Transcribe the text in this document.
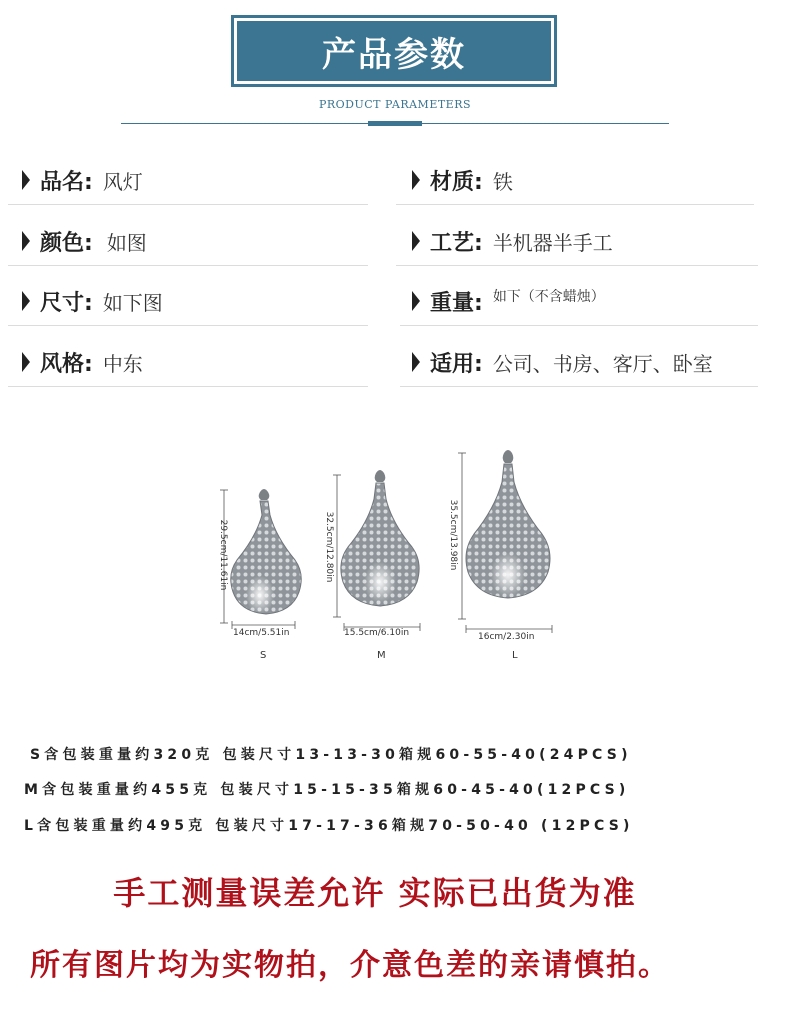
产品参数
PRODUCT PARAMETERS
品名: 风灯
颜色: 如图
尺寸: 如下图
风格: 中东
材质: 铁
工艺: 半机器半手工
重量: 如下（不含蜡烛）
适用: 公司、书房、客厅、卧室
29.5cm/11.61in
14cm/5.51in
S
32.5cm/12.80in
15.5cm/6.10in
M
35.5cm/13.98in
16cm/2.30in
L
S含包装重量约320克 包装尺寸13-13-30箱规60-55-40(24PCS)
M含包装重量约455克 包装尺寸15-15-35箱规60-45-40(12PCS)
L含包装重量约495克 包装尺寸17-17-36箱规70-50-40 (12PCS)
手工测量误差允许 实际已出货为准
所有图片均为实物拍，介意色差的亲请慎拍。
